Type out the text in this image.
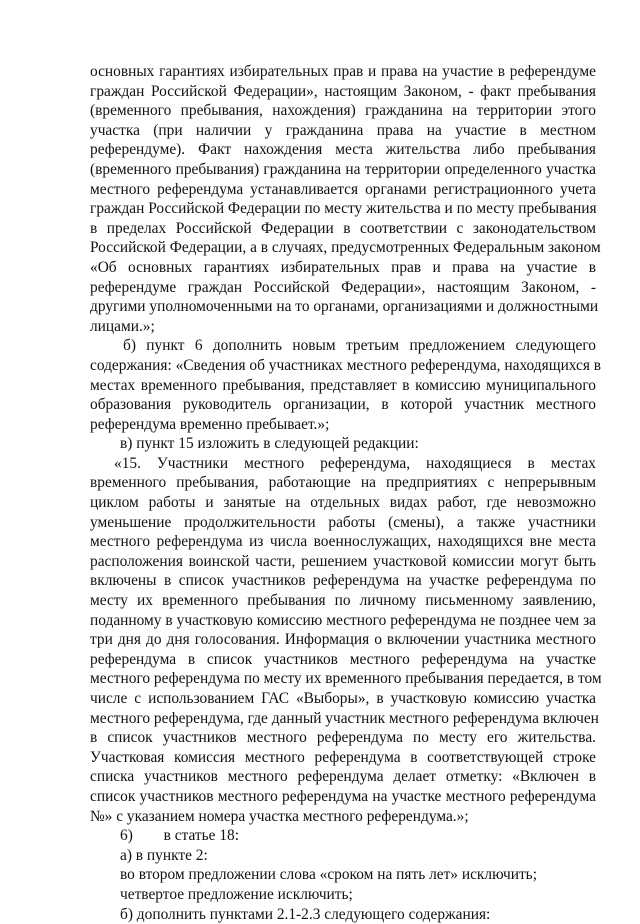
основных гарантиях избирательных прав и права на участие в референдуме
граждан Российской Федерации», настоящим Законом, - факт пребывания
(временного пребывания, нахождения) гражданина на территории этого
участка (при наличии у гражданина права на участие в местном
референдуме). Факт нахождения места жительства либо пребывания
(временного пребывания) гражданина на территории определенного участка
местного референдума устанавливается органами регистрационного учета
граждан Российской Федерации по месту жительства и по месту пребывания
в пределах Российской Федерации в соответствии с законодательством
Российской Федерации, а в случаях, предусмотренных Федеральным законом
«Об основных гарантиях избирательных прав и права на участие в
референдуме граждан Российской Федерации», настоящим Законом, -
другими уполномоченными на то органами, организациями и должностными
лицами.»;
б) пункт 6 дополнить новым третьим предложением следующего
содержания: «Сведения об участниках местного референдума, находящихся в
местах временного пребывания, представляет в комиссию муниципального
образования руководитель организации, в которой участник местного
референдума временно пребывает.»;
в) пункт 15 изложить в следующей редакции:
«15. Участники местного референдума, находящиеся в местах
временного пребывания, работающие на предприятиях с непрерывным
циклом работы и занятые на отдельных видах работ, где невозможно
уменьшение продолжительности работы (смены), а также участники
местного референдума из числа военнослужащих, находящихся вне места
расположения воинской части, решением участковой комиссии могут быть
включены в список участников референдума на участке референдума по
месту их временного пребывания по личному письменному заявлению,
поданному в участковую комиссию местного референдума не позднее чем за
три дня до дня голосования. Информация о включении участника местного
референдума в список участников местного референдума на участке
местного референдума по месту их временного пребывания передается, в том
числе с использованием ГАС «Выборы», в участковую комиссию участка
местного референдума, где данный участник местного референдума включен
в список участников местного референдума по месту его жительства.
Участковая комиссия местного референдума в соответствующей строке
списка участников местного референдума делает отметку: «Включен в
список участников местного референдума на участке местного референдума
№» с указанием номера участка местного референдума.»;
6)        в статье 18:
а) в пункте 2:
во втором предложении слова «сроком на пять лет» исключить;
четвертое предложение исключить;
б) дополнить пунктами 2.1-2.3 следующего содержания:
